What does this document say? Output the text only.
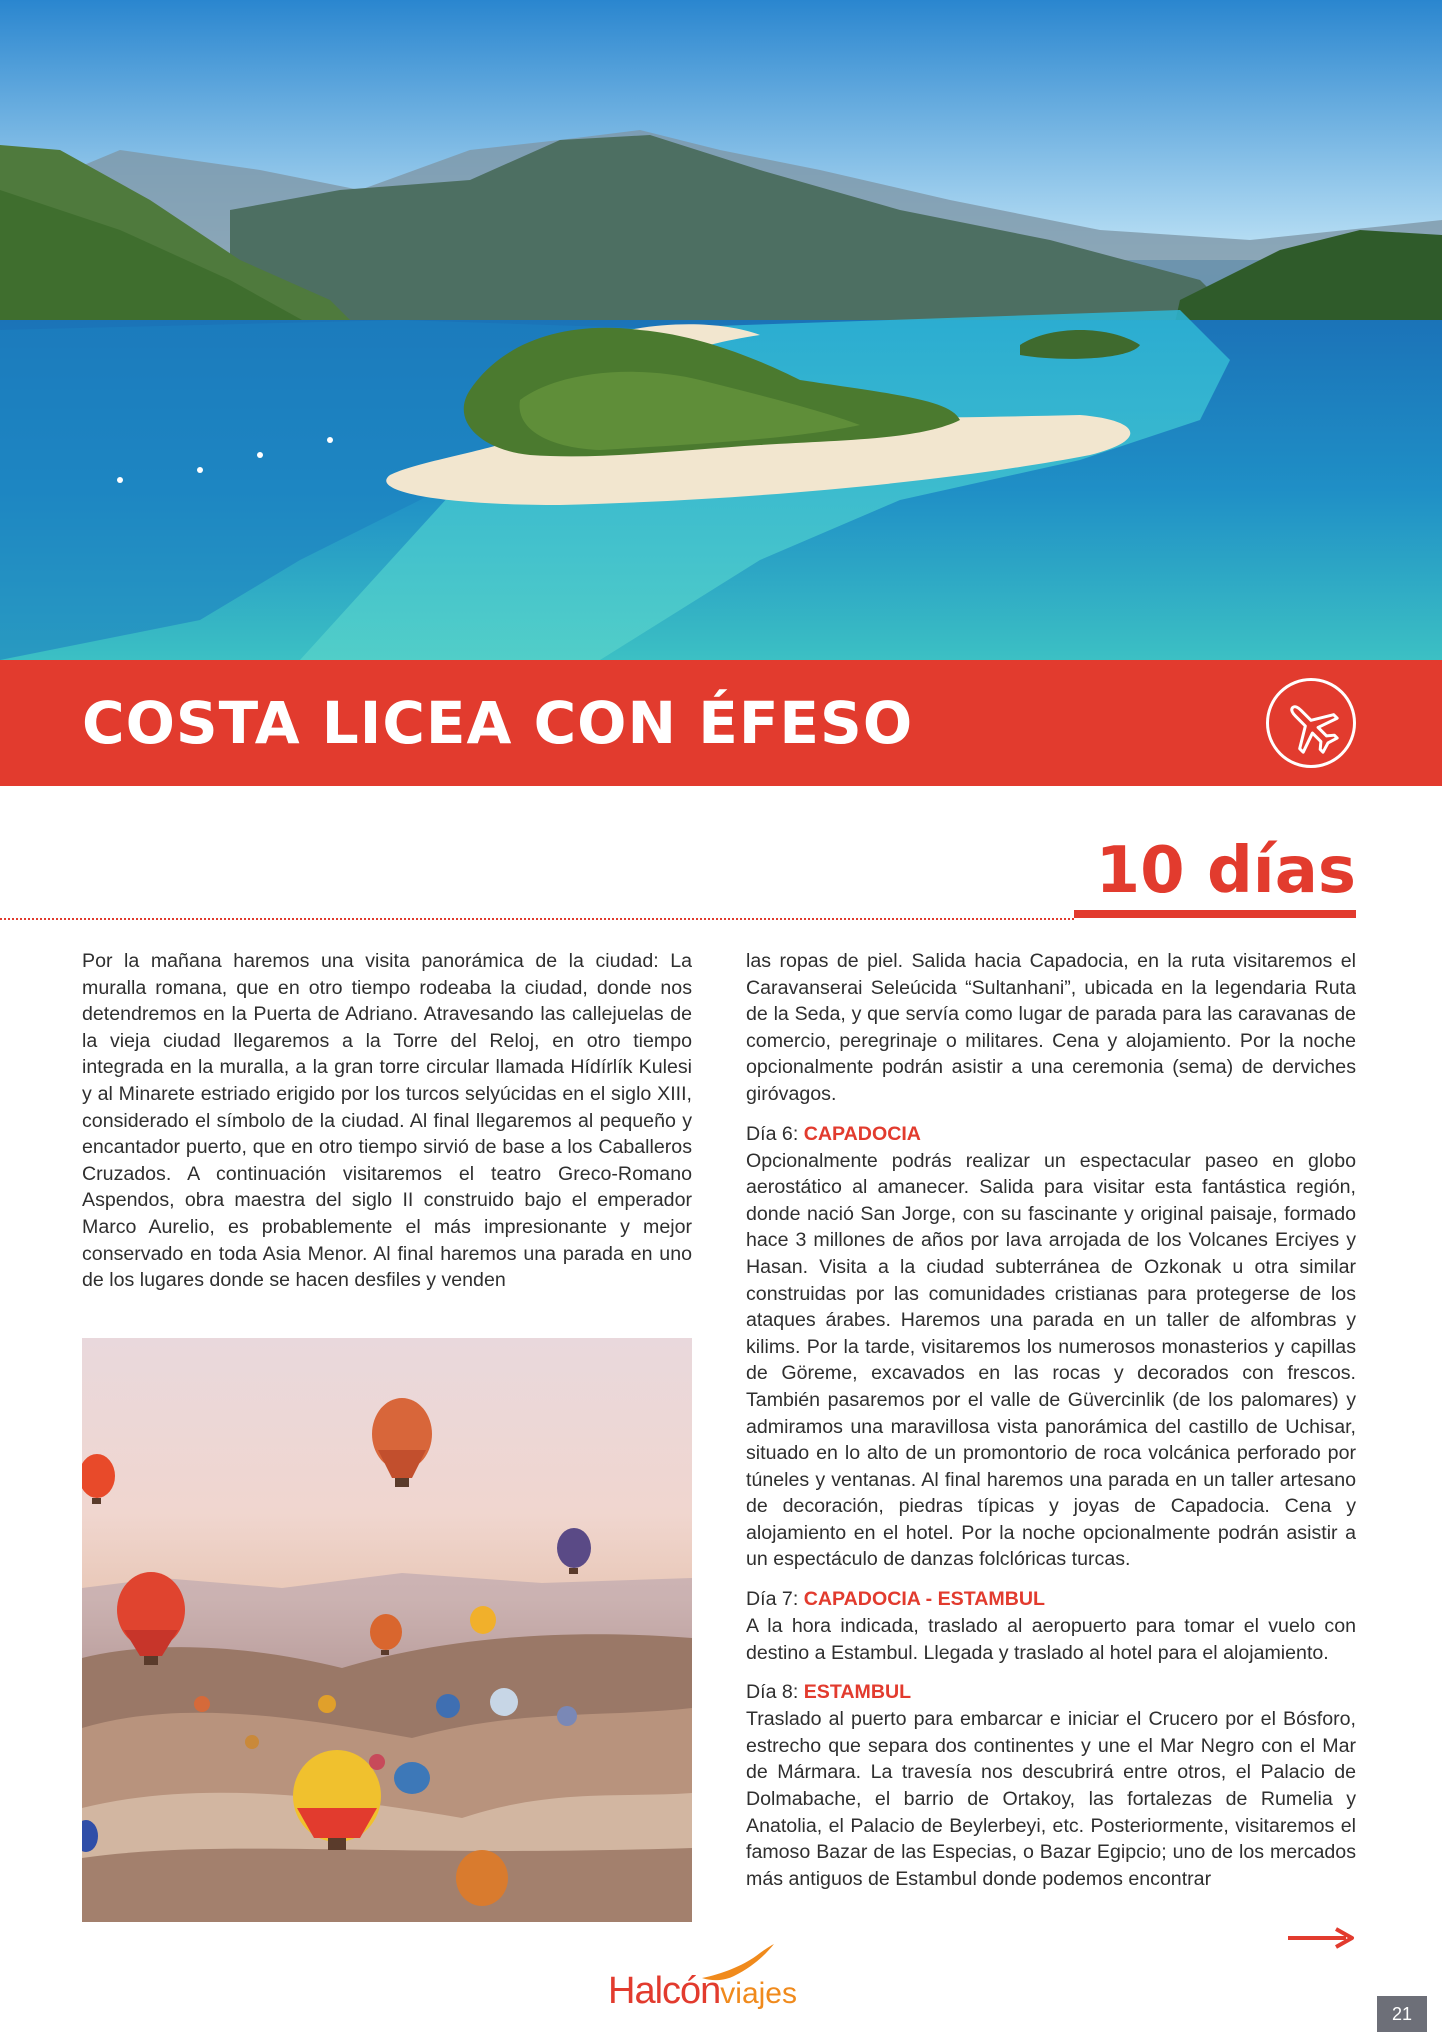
COSTA LICEA CON ÉFESO
10 días

Por la mañana haremos una visita panorámica de la ciudad: La muralla romana, que en otro tiempo rodeaba la ciudad, donde nos detendremos en la Puerta de Adriano. Atravesando las callejuelas de la vieja ciudad llegaremos a la Torre del Reloj, en otro tiempo integrada en la muralla, a la gran torre circular llamada Hídírlík Kulesi y al Minarete estriado erigido por los turcos selyúcidas en el siglo XIII, considerado el símbolo de la ciudad. Al final llegaremos al pequeño y encantador puerto, que en otro tiempo sirvió de base a los Caballeros Cruzados. A continuación visitaremos el teatro Greco-Romano Aspendos, obra maestra del siglo II construido bajo el emperador Marco Aurelio, es probablemente el más impresionante y mejor conservado en toda Asia Menor. Al final haremos una parada en uno de los lugares donde se hacen desfiles y venden

las ropas de piel. Salida hacia Capadocia, en la ruta visitaremos el Caravanserai Seleúcida “Sultanhani”, ubicada en la legendaria Ruta de la Seda, y que servía como lugar de parada para las caravanas de comercio, peregrinaje o militares. Cena y alojamiento. Por la noche opcionalmente podrán asistir a una ceremonia (sema) de derviches giróvagos.

Día 6: CAPADOCIA

Opcionalmente podrás realizar un espectacular paseo en globo aerostático al amanecer. Salida para visitar esta fantástica región, donde nació San Jorge, con su fascinante y original paisaje, formado hace 3 millones de años por lava arrojada de los Volcanes Erciyes y Hasan. Visita a la ciudad subterránea de Ozkonak u otra similar construidas por las comunidades cristianas para protegerse de los ataques árabes. Haremos una parada en un taller de alfombras y kilims. Por la tarde, visitaremos los numerosos monasterios y capillas de Göreme, excavados en las rocas y decorados con frescos. También pasaremos por el valle de Güvercinlik (de los palomares) y admiramos una maravillosa vista panorámica del castillo de Uchisar, situado en lo alto de un promontorio de roca volcánica perforado por túneles y ventanas. Al final haremos una parada en un taller artesano de decoración, piedras típicas y joyas de Capadocia. Cena y alojamiento en el hotel. Por la noche opcionalmente podrán asistir a un espectáculo de danzas folclóricas turcas.

Día 7: CAPADOCIA - ESTAMBUL

A la hora indicada, traslado al aeropuerto para tomar el vuelo con destino a Estambul. Llegada y traslado al hotel para el alojamiento.

Día 8: ESTAMBUL

Traslado al puerto para embarcar e iniciar el Crucero por el Bósforo, estrecho que separa dos continentes y une el Mar Negro con el Mar de Mármara. La travesía nos descubrirá entre otros, el Palacio de Dolmabache, el barrio de Ortakoy, las fortalezas de Rumelia y Anatolia, el Palacio de Beylerbeyi, etc. Posteriormente, visitaremos el famoso Bazar de las Especias, o Bazar Egipcio; uno de los mercados más antiguos de Estambul donde podemos encontrar

Halcónviajes
21
